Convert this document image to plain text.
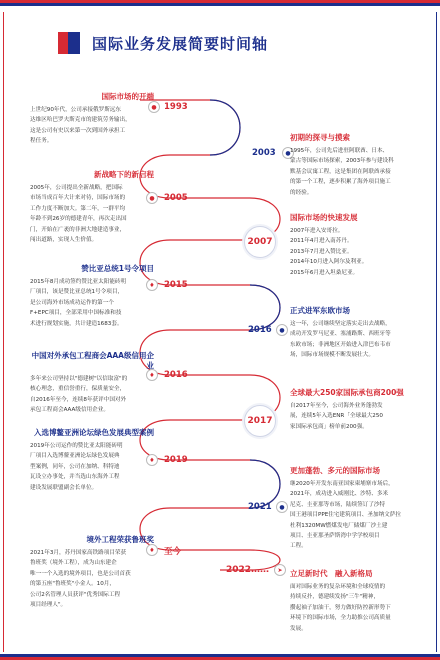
国际业务发展简要时间轴
● 1993
2003	●
●	2005
2007
♦	2015
2016	●
♦	2016
2017
♦	2019
2021	●
♦	至今
2022……	➤
国际市场的开端
上世纪90年代，公司承接俄罗斯远东
达维区哈巴罗夫斯克市的建筑劳务输出，
这是公司有史以来第一次到国外承担工
程任务。	初期的探寻与摸索
1995年，公司先后进驻阿联酋、日本、
蒙古等国际市场探索，2003年参与建设科
默基会议寓工程，这是集团在阿联酋承接
的第一个工程，逐步积累了海外项目施工
的经验。
新战略下的新启程
2005年，公司提出全新战略，把国际
市场当成百年大计来对待，国际市场的
工作力度不断加大。第二年，一群平均
年龄不到26岁的德建青年，再次走出国
门，开始在广袤的非洲大地建造事业，
闯出道路，实现人生价值。
国际市场的快速发展
2007年进入安哥拉。
2011年4月进入南苏丹。
2013年7月进入赞比亚。
2014年10月进入阿尔及利亚。
2015年6月进入坦桑尼亚。
赞比亚总统1号令项目
2015年8月成功签约赞比亚太阳能砖明
厂项目，该是赞比亚总统1号令项目，
是公司海外市场成功运作的第一个
F+EPC项目，全部采用中国标准和技
术进行规划实施，共计建造1683套。
正式进军东欧市场
这一年，公司继续坚定落实走出去战略，
成功开发罗马尼亚、塞浦路斯、西班牙等
东欧市场；非洲地区开始进入津巴布韦市
场，国际市场规模不断发展壮大。
中国对外承包工程商会AAA级信用企业
多年来公司坚持以"德建树"以信取富"的
核心理念，重信誉重行，保质量安全，
自2016年至今，连续8年获评中国对外
承包工程商会AAA级信用企业。
全球最大250家国际承包商200强
自2017年至今，公司海外业务蓬勃发
展，连续5年入选ENR「全球最大250
家国际承包商」榜单前200强。
入选博鳌亚洲论坛绿色发展典型案例
2019年公司运作的赞比亚太阳能砖明
厂项目入选博鳌亚洲论坛绿色发展典
型案例，同年，公司在加纳、科特迪
瓦设立办事处，并当选山东海外工程
建设发展联盟副会长单位。
更加蓬勃、多元的国际市场
继2020年开发东南亚国家柬埔寨市场后，
2021年，成功进入威刚比、沙特、多米
尼克、圭亚那等市场，陆续签订了沙特
国王港项目PPE住宅建筑项目、圣加纳文萨拉
杜利1320MW燃煤发电厂储煤厂沙土建
项目、圭亚那圣萨斯湾中学学校项目
工程。
境外工程荣获鲁班奖
2021年3月，苏丹国家高铁路项目荣获
鲁班奖（境外工程），成为山东建企
唯一一个入选的境外项目，也是公司首获
的第五座"鲁班奖"小金人。10月，
公司2名管理人员获评"优秀国际工程
项目经理人"。
立足新时代　融入新格局
面对国际业务的复杂环境和全球疫情的
持续反扑，德建续发扬"三牛"精神，
攒起袖子加油干，努力做好防控新形势下
环境下的国际市场，全力助推公司高质量
发展。
